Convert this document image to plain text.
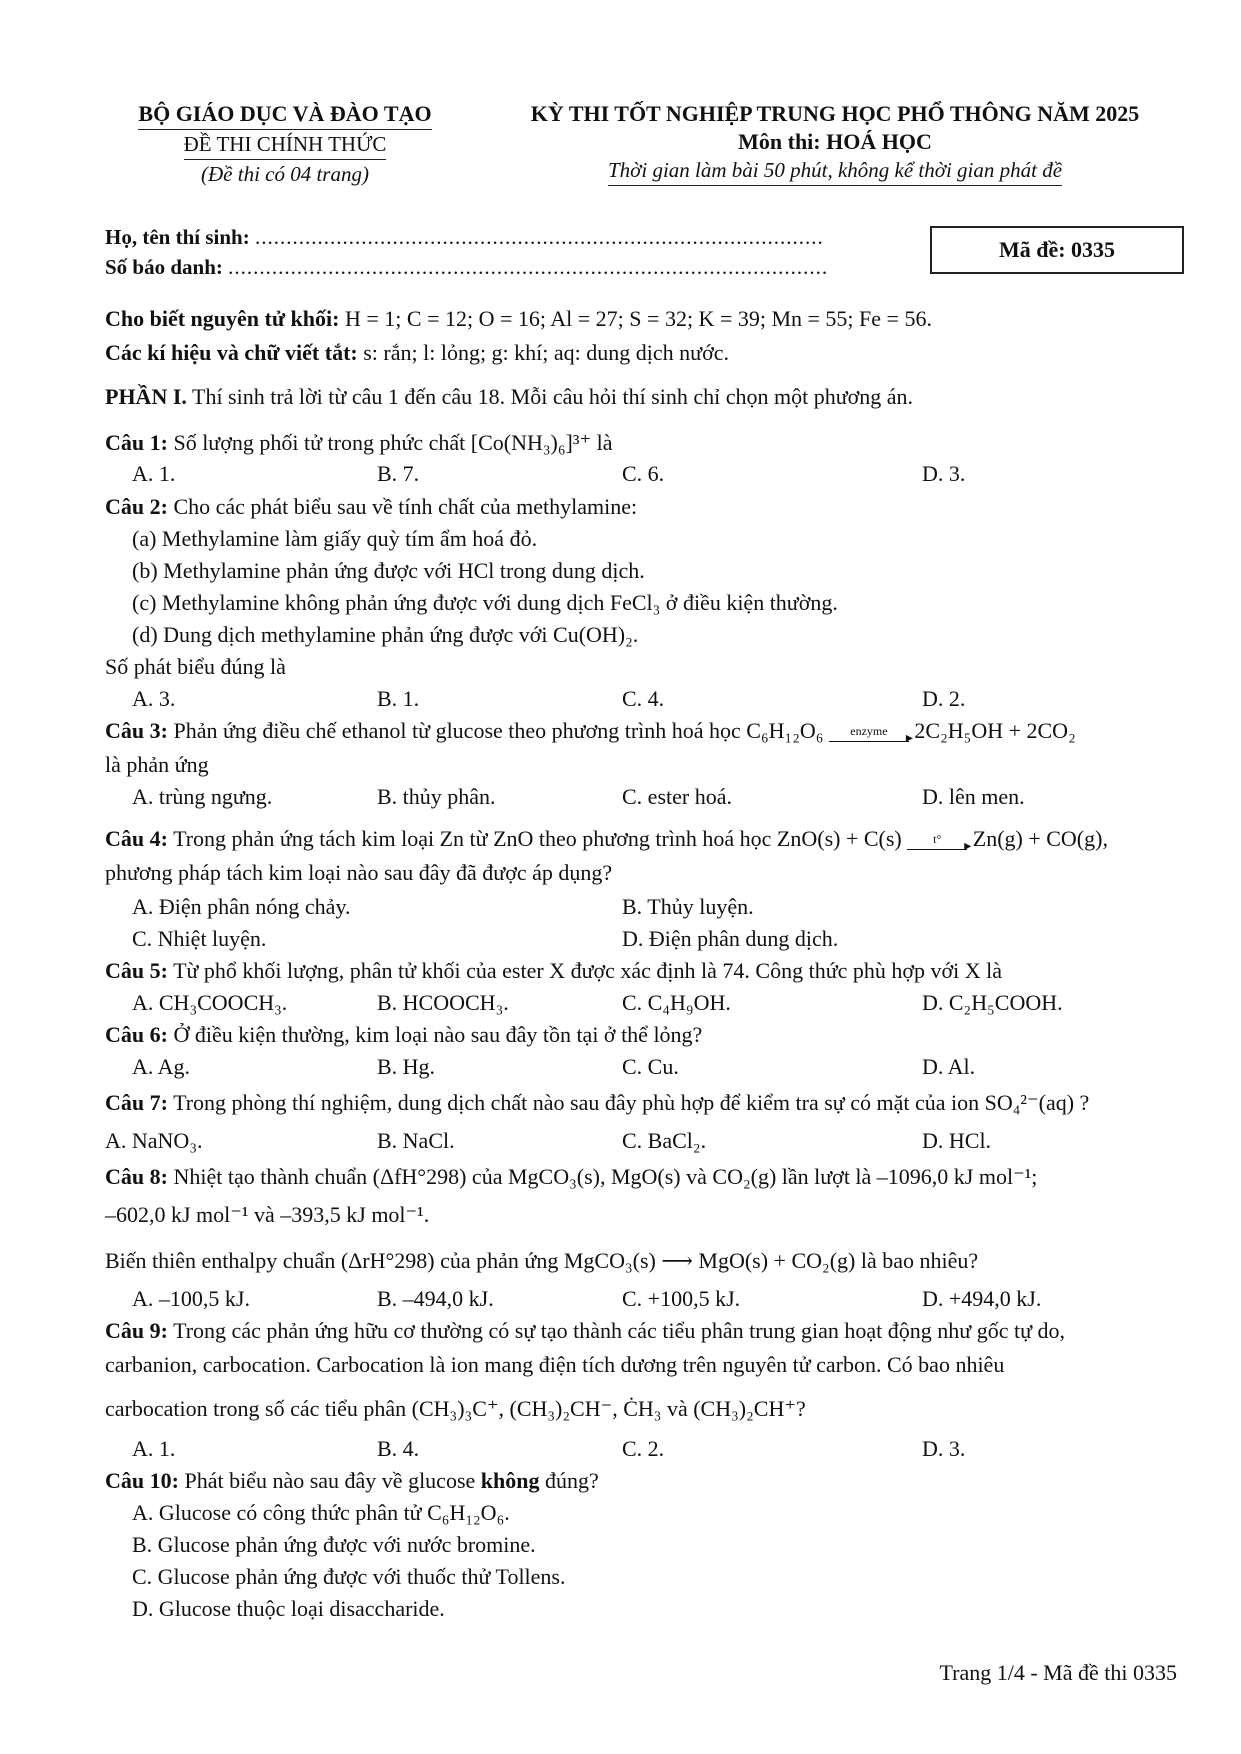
BỘ GIÁO DỤC VÀ ĐÀO TẠO
ĐỀ THI CHÍNH THỨC
(Đề thi có 04 trang)
KỲ THI TỐT NGHIỆP TRUNG HỌC PHỔ THÔNG NĂM 2025
Môn thi: HOÁ HỌC
Thời gian làm bài 50 phút, không kể thời gian phát đề
Họ, tên thí sinh: ...........................................................................................
Số báo danh: ................................................................................................
Mã đề: 0335
Cho biết nguyên tử khối: H = 1; C = 12; O = 16; Al = 27; S = 32; K = 39; Mn = 55; Fe = 56.
Các kí hiệu và chữ viết tắt: s: rắn; l: lỏng; g: khí; aq: dung dịch nước.
PHẦN I. Thí sinh trả lời từ câu 1 đến câu 18. Mỗi câu hỏi thí sinh chỉ chọn một phương án.
Câu 1: Số lượng phối tử trong phức chất [Co(NH₃)₆]³⁺ là
A. 1.	B. 7.	C. 6.	D. 3.
Câu 2: Cho các phát biểu sau về tính chất của methylamine:
(a) Methylamine làm giấy quỳ tím ẩm hoá đỏ.
(b) Methylamine phản ứng được với HCl trong dung dịch.
(c) Methylamine không phản ứng được với dung dịch FeCl₃ ở điều kiện thường.
(d) Dung dịch methylamine phản ứng được với Cu(OH)₂.
Số phát biểu đúng là
A. 3.	B. 1.	C. 4.	D. 2.
Câu 3: Phản ứng điều chế ethanol từ glucose theo phương trình hoá học C₆H₁₂O₆ enzyme ▸ 2C₂H₅OH + 2CO₂
là phản ứng
A. trùng ngưng.	B. thủy phân.	C. ester hoá.	D. lên men.
Câu 4: Trong phản ứng tách kim loại Zn từ ZnO theo phương trình hoá học ZnO(s) + C(s)	t° ▸ Zn(g) + CO(g),
phương pháp tách kim loại nào sau đây đã được áp dụng?
A. Điện phân nóng chảy.	B. Thủy luyện.
C. Nhiệt luyện.	D. Điện phân dung dịch.
Câu 5: Từ phổ khối lượng, phân tử khối của ester X được xác định là 74. Công thức phù hợp với X là
A. CH₃COOCH₃.	B. HCOOCH₃.	C. C₄H₉OH.	D. C₂H₅COOH.
Câu 6: Ở điều kiện thường, kim loại nào sau đây tồn tại ở thể lỏng?
A. Ag.	B. Hg.	C. Cu.	D. Al.
Câu 7: Trong phòng thí nghiệm, dung dịch chất nào sau đây phù hợp để kiểm tra sự có mặt của ion SO₄²⁻(aq) ?
A. NaNO₃.	B. NaCl.	C. BaCl₂.	D. HCl.
Câu 8: Nhiệt tạo thành chuẩn (ΔfH°298) của MgCO₃(s), MgO(s) và CO₂(g) lần lượt là –1096,0 kJ mol⁻¹;
–602,0 kJ mol⁻¹ và –393,5 kJ mol⁻¹.
Biến thiên enthalpy chuẩn (ΔrH°298) của phản ứng MgCO₃(s) ⟶ MgO(s) + CO₂(g) là bao nhiêu?
A. –100,5 kJ.	B. –494,0 kJ.	C. +100,5 kJ.	D. +494,0 kJ.
Câu 9: Trong các phản ứng hữu cơ thường có sự tạo thành các tiểu phân trung gian hoạt động như gốc tự do,
carbanion, carbocation. Carbocation là ion mang điện tích dương trên nguyên tử carbon. Có bao nhiêu
carbocation trong số các tiểu phân (CH₃)₃C⁺, (CH₃)₂CH⁻, ĊH₃ và (CH₃)₂CH⁺?
A. 1.	B. 4.	C. 2.	D. 3.
Câu 10: Phát biểu nào sau đây về glucose không đúng?
A. Glucose có công thức phân tử C₆H₁₂O₆.
B. Glucose phản ứng được với nước bromine.
C. Glucose phản ứng được với thuốc thử Tollens.
D. Glucose thuộc loại disaccharide.
Trang 1/4 - Mã đề thi 0335
